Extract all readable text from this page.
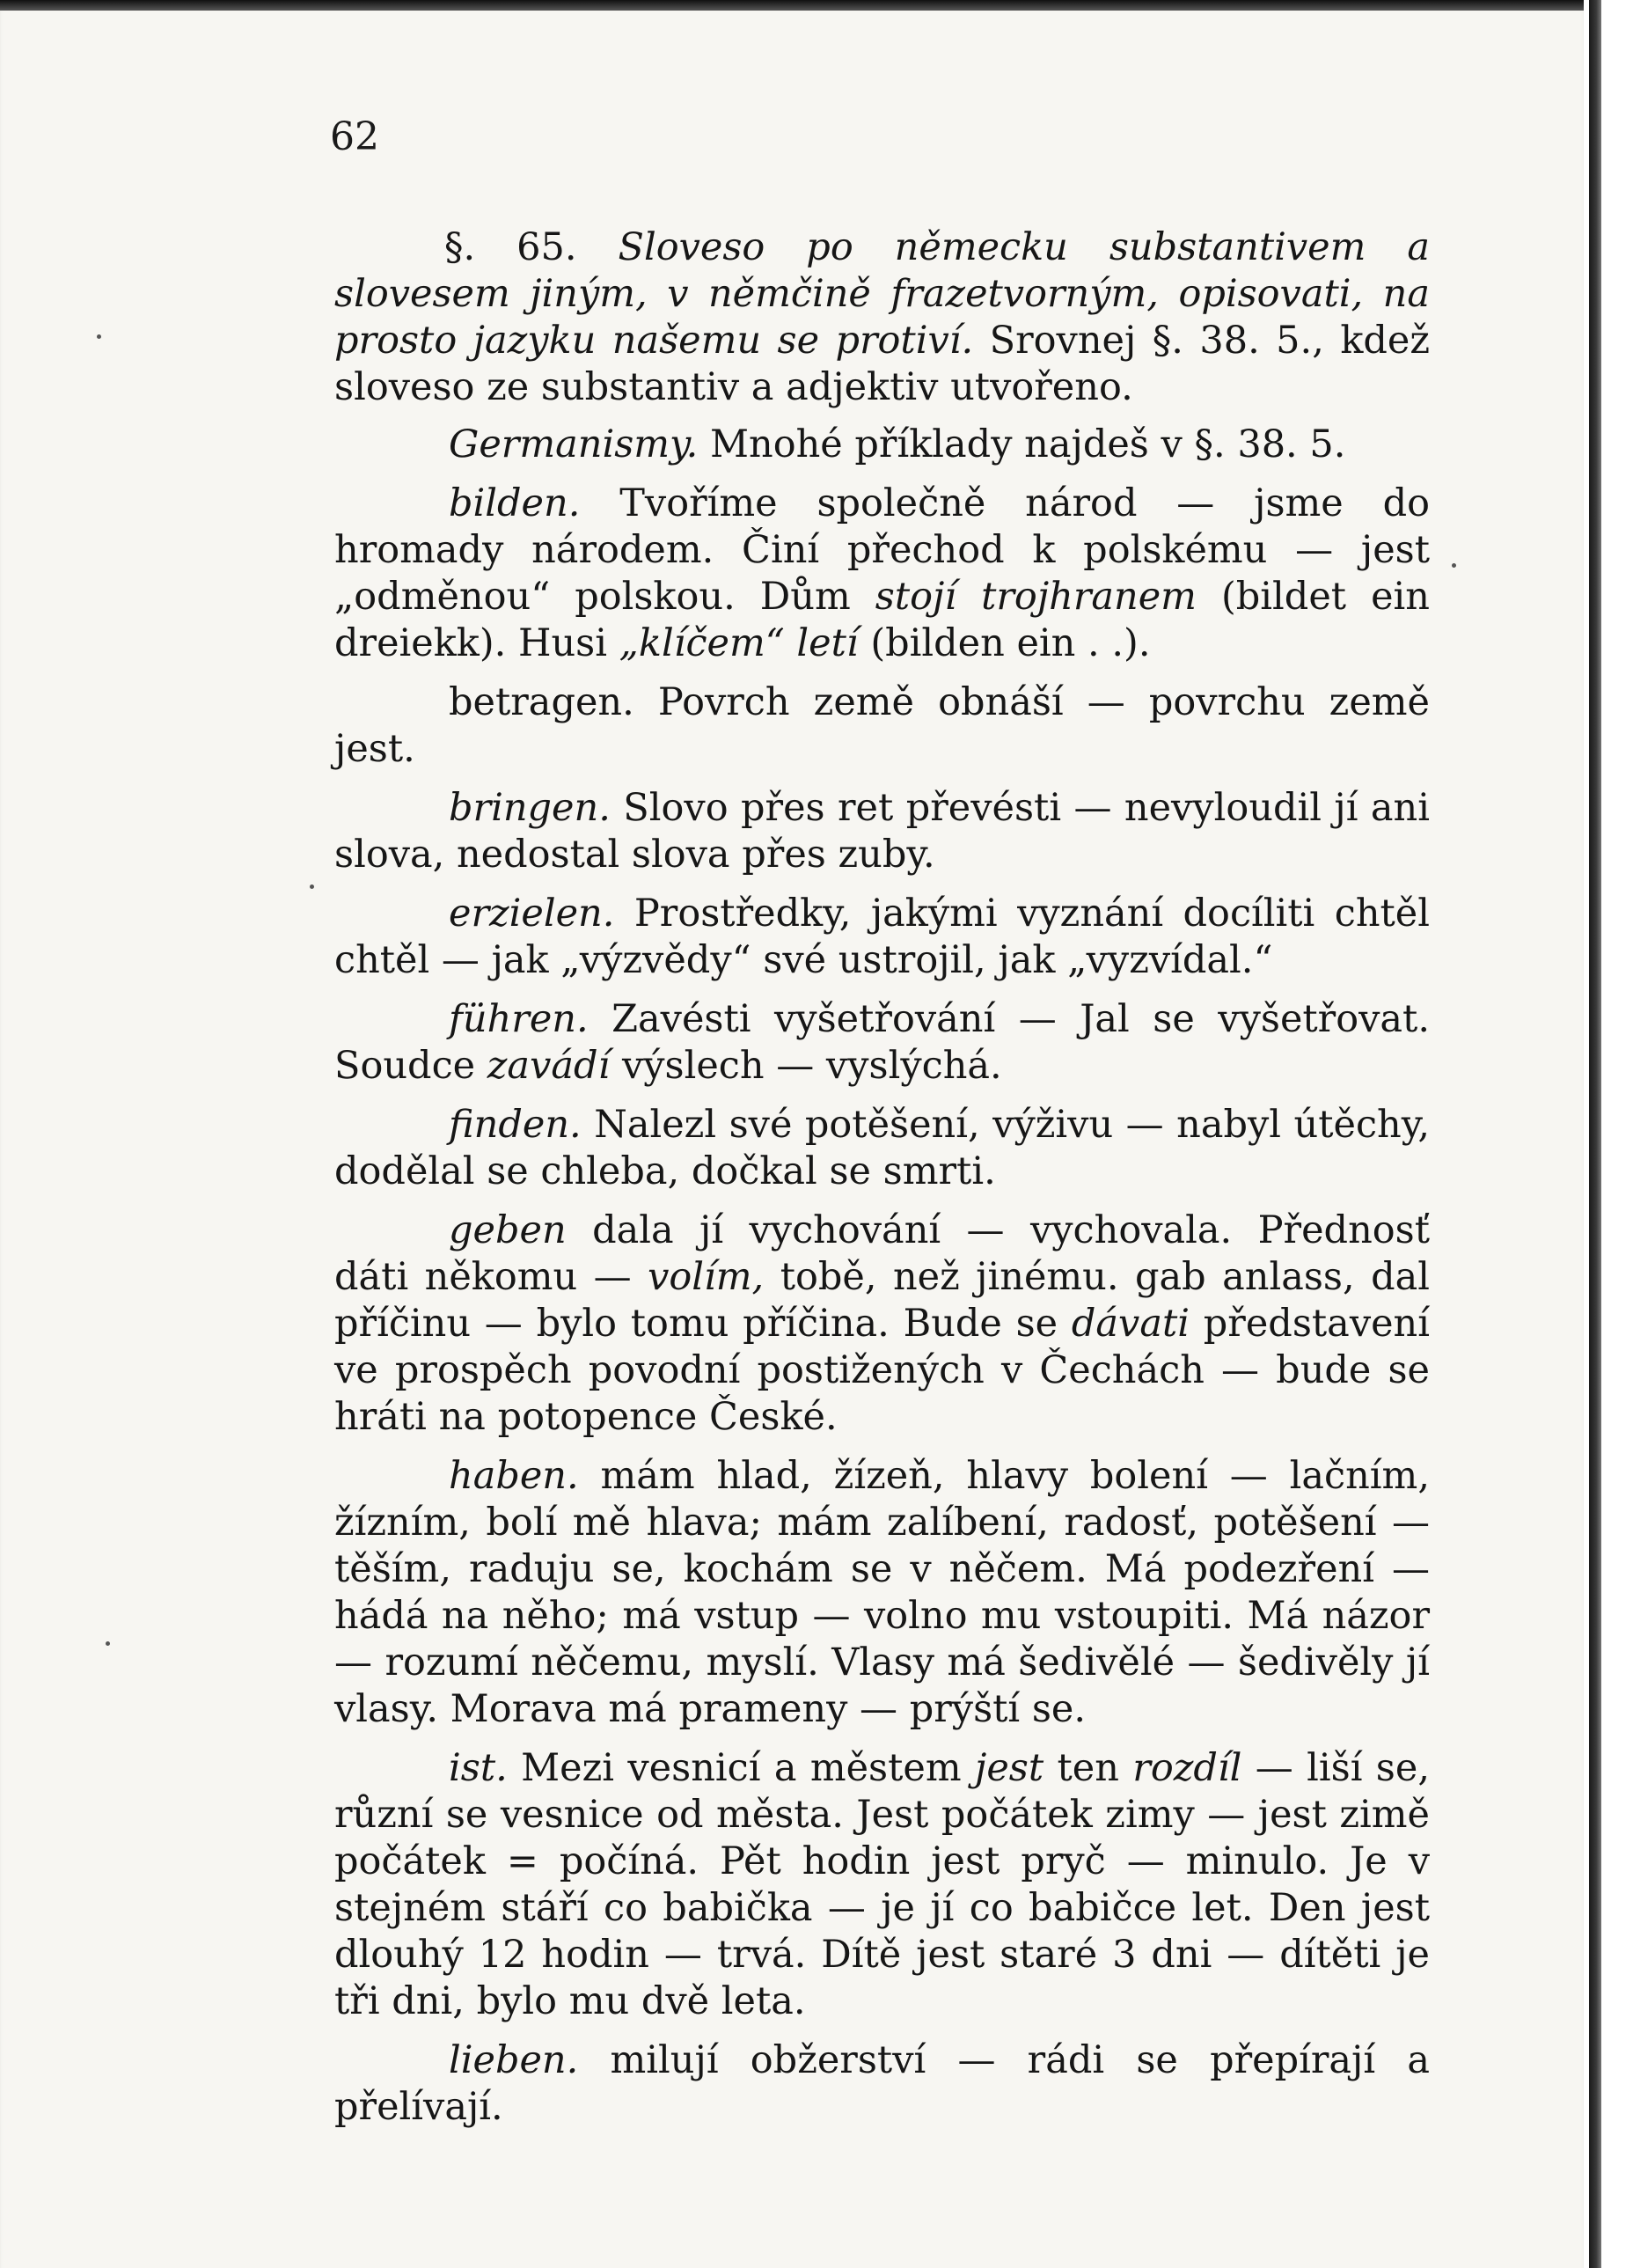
62

§. 65. Sloveso po německu substantivem a slovesem jiným, v němčině frazetvorným, opisovati, na prosto jazyku našemu se protiví. Srovnej §. 38. 5., kdež sloveso ze substantiv a adjektiv utvořeno.

Germanismy. Mnohé příklady najdeš v §. 38. 5.

bilden. Tvoříme společně národ — jsme do hromady národem. Činí přechod k polskému — jest „odměnou“ polskou. Dům stojí trojhranem (bildet ein dreiekk). Husi „klíčem“ letí (bilden ein . .).

betragen. Povrch země obnáší — povrchu země jest.

bringen. Slovo přes ret převésti — nevyloudil jí ani slova, nedostal slova přes zuby.

erzielen. Prostředky, jakými vyznání docíliti chtěl chtěl — jak „výzvědy“ své ustrojil, jak „vyzvídal.“

führen. Zavésti vyšetřování — Jal se vyšetřovat. Soudce zavádí výslech — vyslýchá.

finden. Nalezl své potěšení, výživu — nabyl útěchy, dodělal se chleba, dočkal se smrti.

geben dala jí vychování — vychovala. Přednosť dáti někomu — volím, tobě, než jinému. gab anlass, dal příčinu — bylo tomu příčina. Bude se dávati představení ve prospěch povodní postižených v Čechách — bude se hráti na potopence České.

haben. mám hlad, žízeň, hlavy bolení — lačním, žízním, bolí mě hlava; mám zalíbení, radosť, potěšení — těším, raduju se, kochám se v něčem. Má podezření — hádá na něho; má vstup — volno mu vstoupiti. Má názor — rozumí něčemu, myslí. Vlasy má šedivělé — šedivěly jí vlasy. Morava má prameny — prýští se.

ist. Mezi vesnicí a městem jest ten rozdíl — liší se, různí se vesnice od města. Jest počátek zimy — jest zimě počátek = počíná. Pět hodin jest pryč — minulo. Je v stejném stáří co babička — je jí co babičce let. Den jest dlouhý 12 hodin — trvá. Dítě jest staré 3 dni — dítěti je tři dni, bylo mu dvě leta.

lieben. milují obžerství — rádi se přepírají a přelívají.
